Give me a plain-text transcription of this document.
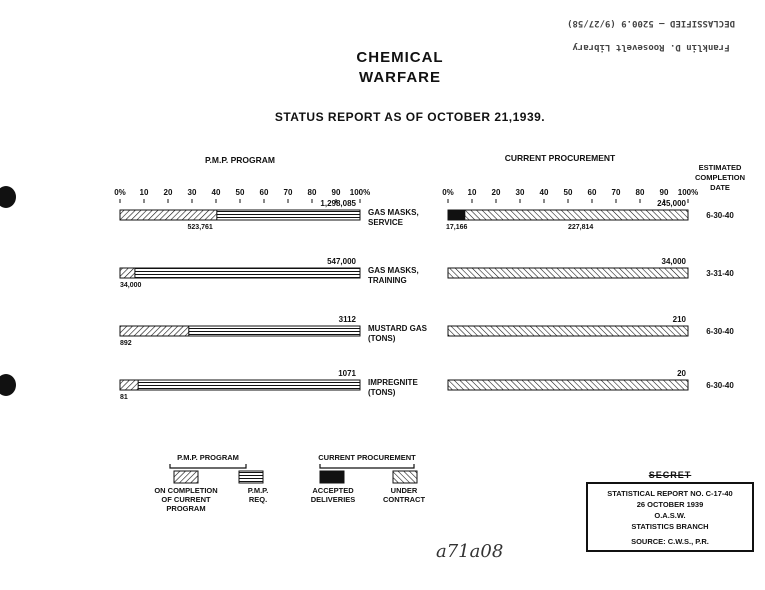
CHEMICAL
WARFARE
STATUS REPORT AS OF OCTOBER 21,1939.
Franklin D. Roosevelt Library
DECLASSIFIED — 5200.9 (9/27/58)
P.M.P. PROGRAM	CURRENT PROCUREMENT
0% 10 20 30 40 50 60 70 80 90 100%	0% 10 20 30 40 50 60 70 80 90 100%
ESTIMATED
COMPLETION
DATE
1,298,085
523,761
GAS MASKS,
SERVICE
17,166	227,814
245,000
6-30-40
547,000
34,000
GAS MASKS,
TRAINING
34,000
3-31-40
3112
892
MUSTARD GAS
(TONS)
210
6-30-40
1071
81
IMPREGNITE
(TONS)
20
6-30-40
P.M.P. PROGRAM	CURRENT PROCUREMENT
ON COMPLETION
OF CURRENT
PROGRAM
P.M.P.
REQ.
ACCEPTED
DELIVERIES
UNDER
CONTRACT
SECRET
STATISTICAL REPORT NO. C-17-40
26 OCTOBER 1939
O.A.S.W.
STATISTICS BRANCH
SOURCE: C.W.S., P.R.
a71a08
